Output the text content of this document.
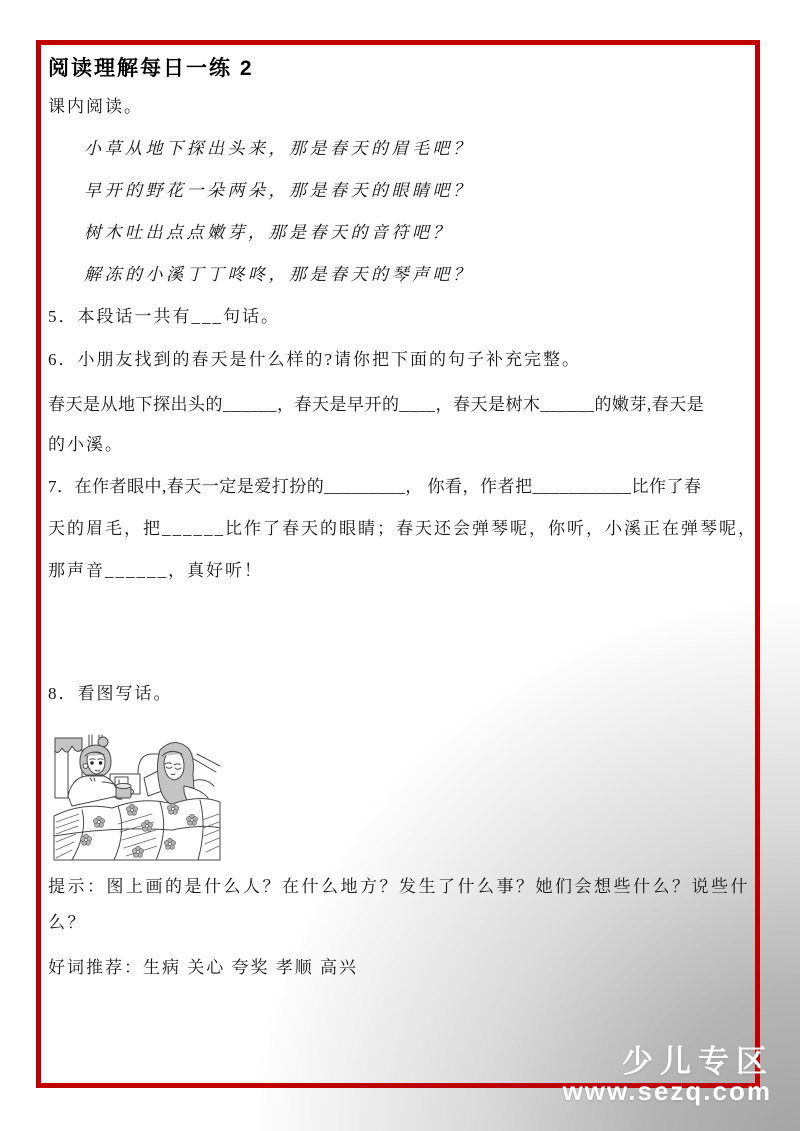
阅读理解每日一练 2
课内阅读。
小草从地下探出头来，那是春天的眉毛吧？
早开的野花一朵两朵，那是春天的眼睛吧？
树木吐出点点嫩芽，那是春天的音符吧？
解冻的小溪丁丁咚咚，那是春天的琴声吧？
5．本段话一共有___句话。
6．小朋友找到的春天是什么样的?请你把下面的句子补充完整。
春天是从地下探出头的______，春天是早开的____，春天是树木______的嫩芽,春天是
的小溪。
7．在作者眼中,春天一定是爱打扮的_________， 你看，作者把___________比作了春
天的眉毛，把______比作了春天的眼睛；春天还会弹琴呢，你听，小溪正在弹琴呢，
那声音______，真好听！
8．看图写话。
提示：图上画的是什么人？在什么地方？发生了什么事？她们会想些什么？说些什
么？
好词推荐：生病 关心 夸奖 孝顺 高兴
少儿专区
www.sezq.com
